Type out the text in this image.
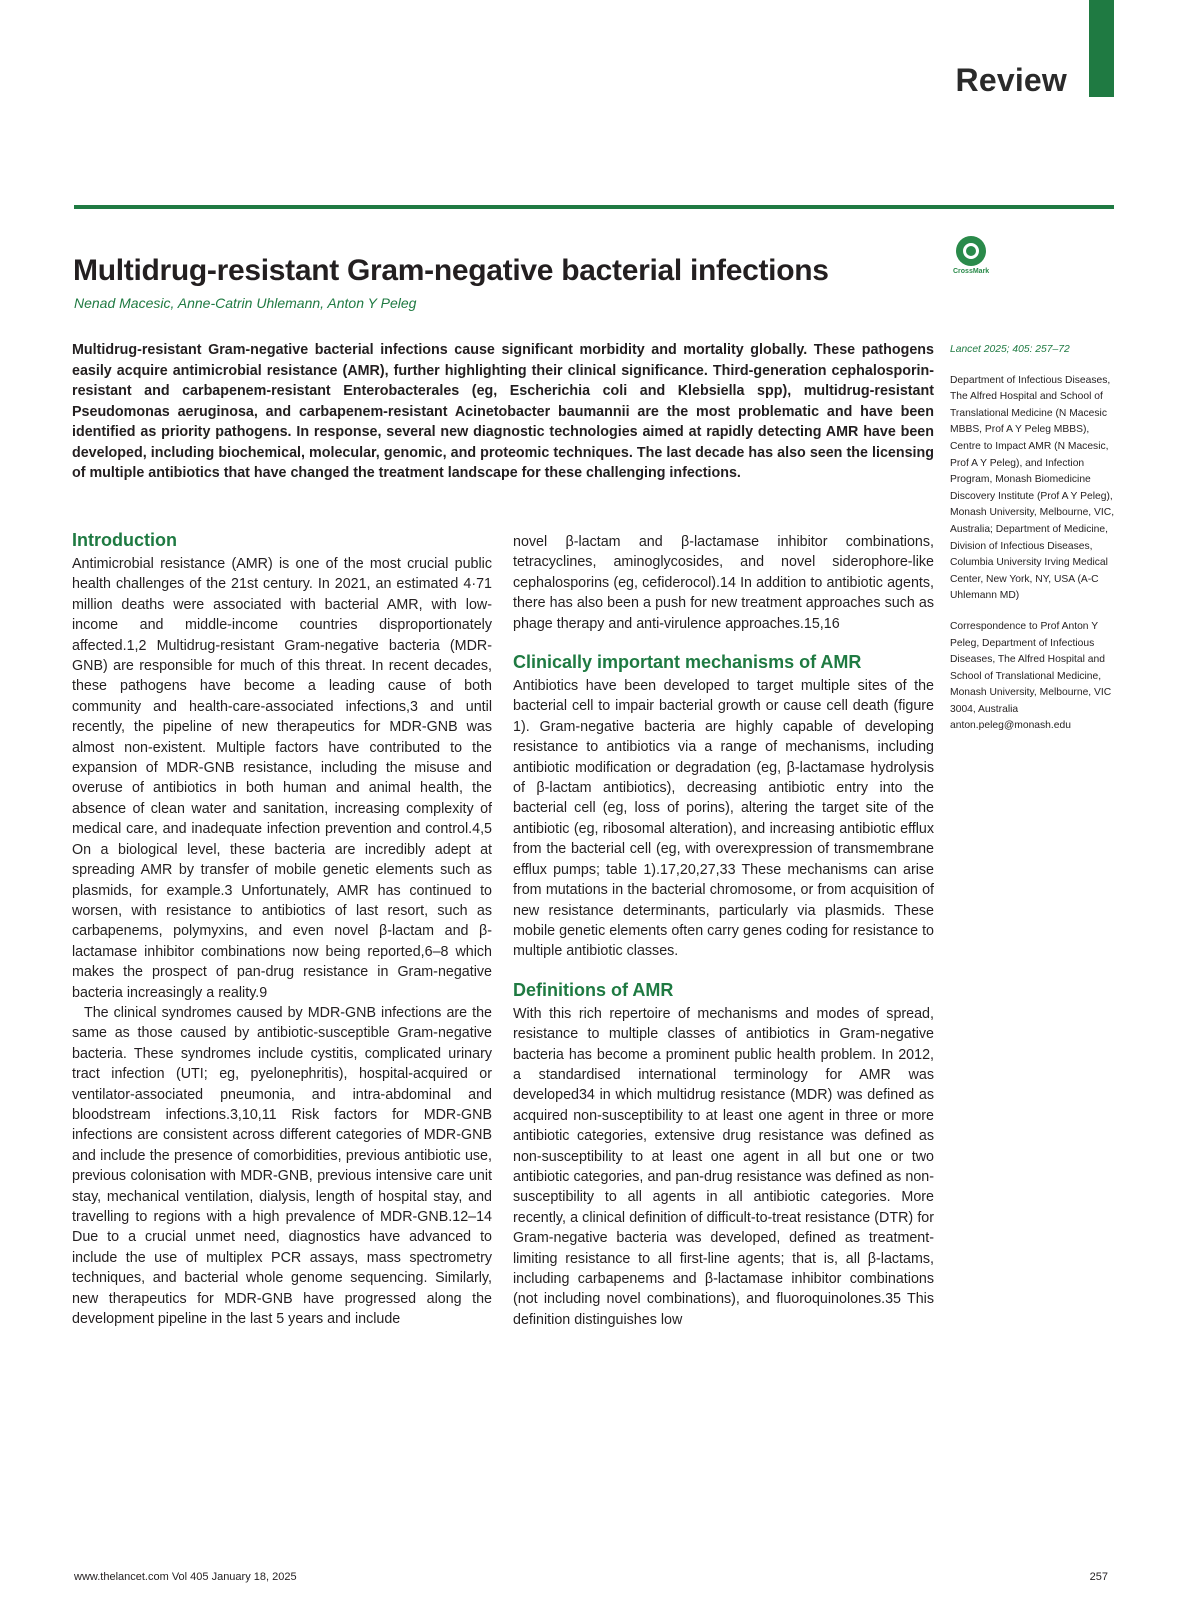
Review
Multidrug-resistant Gram-negative bacterial infections	CrossMark
Nenad Macesic, Anne-Catrin Uhlemann, Anton Y Peleg

Multidrug-resistant Gram-negative bacterial infections cause significant morbidity and mortality globally. These pathogens easily acquire antimicrobial resistance (AMR), further highlighting their clinical significance. Third-generation cephalosporin-resistant and carbapenem-resistant Enterobacterales (eg, Escherichia coli and Klebsiella spp), multidrug-resistant Pseudomonas aeruginosa, and carbapenem-resistant Acinetobacter baumannii are the most problematic and have been identified as priority pathogens. In response, several new diagnostic technologies aimed at rapidly detecting AMR have been developed, including biochemical, molecular, genomic, and proteomic techniques. The last decade has also seen the licensing of multiple antibiotics that have changed the treatment landscape for these challenging infections.

Introduction

Antimicrobial resistance (AMR) is one of the most crucial public health challenges of the 21st century. In 2021, an estimated 4·71 million deaths were associated with bacterial AMR, with low-income and middle-income countries disproportionately affected.1,2 Multidrug-resistant Gram-negative bacteria (MDR-GNB) are responsible for much of this threat. In recent decades, these pathogens have become a leading cause of both community and health-care-associated infections,3 and until recently, the pipeline of new therapeutics for MDR-GNB was almost non-existent. Multiple factors have contributed to the expansion of MDR-GNB resistance, including the misuse and overuse of antibiotics in both human and animal health, the absence of clean water and sanitation, increasing complexity of medical care, and inadequate infection prevention and control.4,5 On a biological level, these bacteria are incredibly adept at spreading AMR by transfer of mobile genetic elements such as plasmids, for example.3 Unfortunately, AMR has continued to worsen, with resistance to antibiotics of last resort, such as carbapenems, polymyxins, and even novel β-lactam and β-lactamase inhibitor combinations now being reported,6–8 which makes the prospect of pan-drug resistance in Gram-negative bacteria increasingly a reality.9

The clinical syndromes caused by MDR-GNB infections are the same as those caused by antibiotic-susceptible Gram-negative bacteria. These syndromes include cystitis, complicated urinary tract infection (UTI; eg, pyelonephritis), hospital-acquired or ventilator-associated pneumonia, and intra-abdominal and bloodstream infections.3,10,11 Risk factors for MDR-GNB infections are consistent across different categories of MDR-GNB and include the presence of comorbidities, previous antibiotic use, previous colonisation with MDR-GNB, previous intensive care unit stay, mechanical ventilation, dialysis, length of hospital stay, and travelling to regions with a high prevalence of MDR-GNB.12–14 Due to a crucial unmet need, diagnostics have advanced to include the use of multiplex PCR assays, mass spectrometry techniques, and bacterial whole genome sequencing. Similarly, new therapeutics for MDR-GNB have progressed along the development pipeline in the last 5 years and include

novel β-lactam and β-lactamase inhibitor combinations, tetracyclines, aminoglycosides, and novel siderophore-like cephalosporins (eg, cefiderocol).14 In addition to antibiotic agents, there has also been a push for new treatment approaches such as phage therapy and anti-virulence approaches.15,16

Clinically important mechanisms of AMR

Antibiotics have been developed to target multiple sites of the bacterial cell to impair bacterial growth or cause cell death (figure 1). Gram-negative bacteria are highly capable of developing resistance to antibiotics via a range of mechanisms, including antibiotic modification or degradation (eg, β-lactamase hydrolysis of β-lactam antibiotics), decreasing antibiotic entry into the bacterial cell (eg, loss of porins), altering the target site of the antibiotic (eg, ribosomal alteration), and increasing antibiotic efflux from the bacterial cell (eg, with overexpression of transmembrane efflux pumps; table 1).17,20,27,33 These mechanisms can arise from mutations in the bacterial chromosome, or from acquisition of new resistance determinants, particularly via plasmids. These mobile genetic elements often carry genes coding for resistance to multiple antibiotic classes.

Definitions of AMR

With this rich repertoire of mechanisms and modes of spread, resistance to multiple classes of antibiotics in Gram-negative bacteria has become a prominent public health problem. In 2012, a standardised international terminology for AMR was developed34 in which multidrug resistance (MDR) was defined as acquired non-susceptibility to at least one agent in three or more antibiotic categories, extensive drug resistance was defined as non-susceptibility to at least one agent in all but one or two antibiotic categories, and pan-drug resistance was defined as non-susceptibility to all agents in all antibiotic categories. More recently, a clinical definition of difficult-to-treat resistance (DTR) for Gram-negative bacteria was developed, defined as treatment-limiting resistance to all first-line agents; that is, all β-lactams, including carbapenems and β-lactamase inhibitor combinations (not including novel combinations), and fluoroquinolones.35 This definition distinguishes low

Lancet 2025; 405: 257–72
Department of Infectious Diseases, The Alfred Hospital and School of Translational Medicine (N Macesic MBBS, Prof A Y Peleg MBBS), Centre to Impact AMR (N Macesic, Prof A Y Peleg), and Infection Program, Monash Biomedicine Discovery Institute (Prof A Y Peleg), Monash University, Melbourne, VIC, Australia; Department of Medicine, Division of Infectious Diseases, Columbia University Irving Medical Center, New York, NY, USA (A-C Uhlemann MD)
Correspondence to Prof Anton Y Peleg, Department of Infectious Diseases, The Alfred Hospital and School of Translational Medicine, Monash University, Melbourne, VIC 3004, Australia anton.peleg@monash.edu
www.thelancet.com Vol 405 January 18, 2025	257
